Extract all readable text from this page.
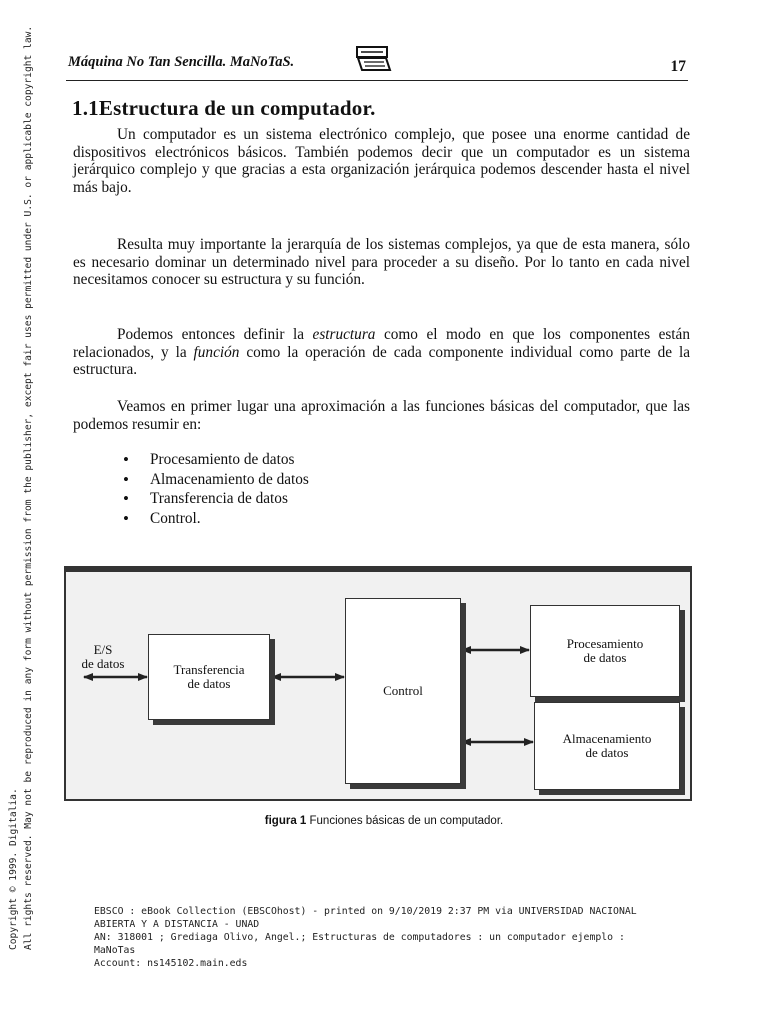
Copyright © 1999. Digitalia. All rights reserved. May not be reproduced in any form without permission from the publisher, except fair uses permitted under U.S. or applicable copyright law. Máquina No Tan Sencilla. MaNoTaS.	17
1.1Estructura de un computador.

Un computador es un sistema electrónico complejo, que posee una enorme cantidad de dispositivos electrónicos básicos. También podemos decir que un computador es un sistema jerárquico complejo y que gracias a esta organización jerárquica podemos descender hasta el nivel más bajo.

Resulta muy importante la jerarquía de los sistemas complejos, ya que de esta manera, sólo es necesario dominar un determinado nivel para proceder a su diseño. Por lo tanto en cada nivel necesitamos conocer su estructura y su función.

Podemos entonces definir la estructura como el modo en que los componentes están relacionados, y la función como la operación de cada componente individual como parte de la estructura.

Veamos en primer lugar una aproximación a las funciones básicas del computador, que las podemos resumir en:

• Procesamiento de datos
• Almacenamiento de datos
• Transferencia de datos
• Control.
E/S
de datos	Transferencia
de datos	Control
Procesamiento
de datos
Almacenamiento
de datos
figura 1 Funciones básicas de un computador.
EBSCO : eBook Collection (EBSCOhost) - printed on 9/10/2019 2:37 PM via UNIVERSIDAD NACIONAL
ABIERTA Y A DISTANCIA - UNAD
AN: 318001 ; Grediaga Olivo, Angel.; Estructuras de computadores : un computador ejemplo :
MaNoTas
Account: ns145102.main.eds
